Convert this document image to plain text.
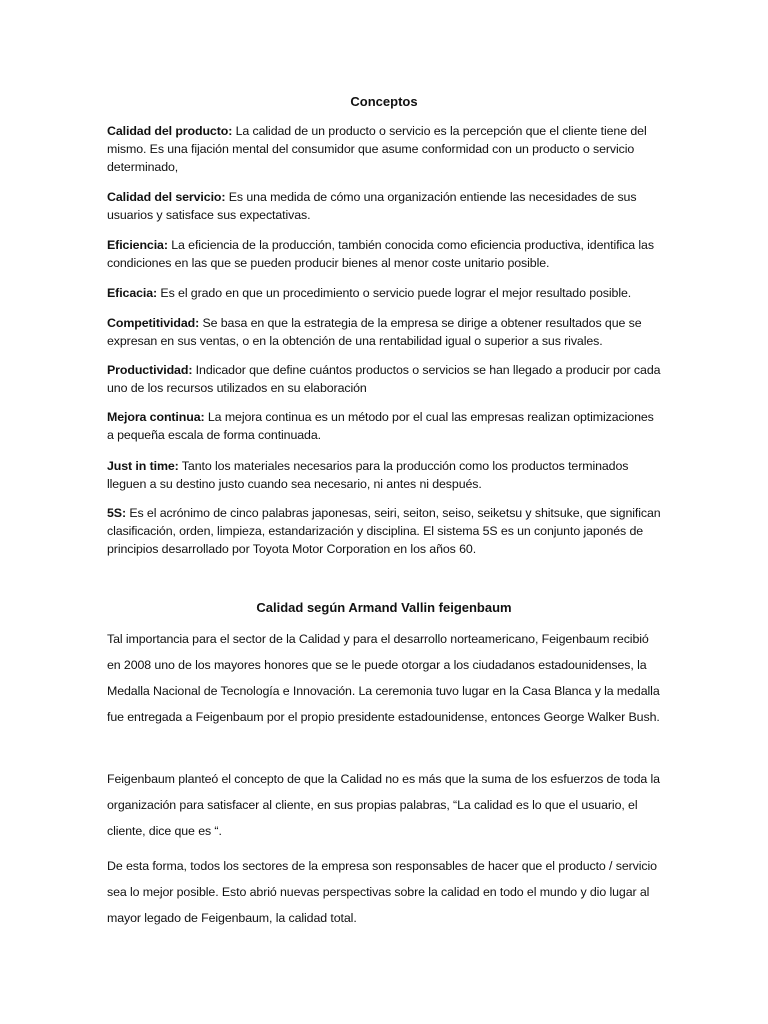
Conceptos
Calidad del producto: La calidad de un producto o servicio es la percepción que el cliente tiene del mismo. Es una fijación mental del consumidor que asume conformidad con un producto o servicio determinado,
Calidad del servicio: Es una medida de cómo una organización entiende las necesidades de sus usuarios y satisface sus expectativas.
Eficiencia: La eficiencia de la producción, también conocida como eficiencia productiva, identifica las condiciones en las que se pueden producir bienes al menor coste unitario posible.
Eficacia: Es el grado en que un procedimiento o servicio puede lograr el mejor resultado posible.
Competitividad: Se basa en que la estrategia de la empresa se dirige a obtener resultados que se expresan en sus ventas, o en la obtención de una rentabilidad igual o superior a sus rivales.
Productividad: Indicador que define cuántos productos o servicios se han llegado a producir por cada uno de los recursos utilizados en su elaboración
Mejora continua: La mejora continua es un método por el cual las empresas realizan optimizaciones a pequeña escala de forma continuada.
Just in time: Tanto los materiales necesarios para la producción como los productos terminados lleguen a su destino justo cuando sea necesario, ni antes ni después.
5S: Es el acrónimo de cinco palabras japonesas, seiri, seiton, seiso, seiketsu y shitsuke, que significan clasificación, orden, limpieza, estandarización y disciplina. El sistema 5S es un conjunto japonés de principios desarrollado por Toyota Motor Corporation en los años 60.
Calidad según Armand Vallin feigenbaum
Tal importancia para el sector de la Calidad y para el desarrollo norteamericano, Feigenbaum recibió en 2008 uno de los mayores honores que se le puede otorgar a los ciudadanos estadounidenses, la Medalla Nacional de Tecnología e Innovación. La ceremonia tuvo lugar en la Casa Blanca y la medalla fue entregada a Feigenbaum por el propio presidente estadounidense, entonces George Walker Bush.
Feigenbaum planteó el concepto de que la Calidad no es más que la suma de los esfuerzos de toda la organización para satisfacer al cliente, en sus propias palabras, “La calidad es lo que el usuario, el cliente, dice que es “.
De esta forma, todos los sectores de la empresa son responsables de hacer que el producto / servicio sea lo mejor posible. Esto abrió nuevas perspectivas sobre la calidad en todo el mundo y dio lugar al mayor legado de Feigenbaum, la calidad total.
